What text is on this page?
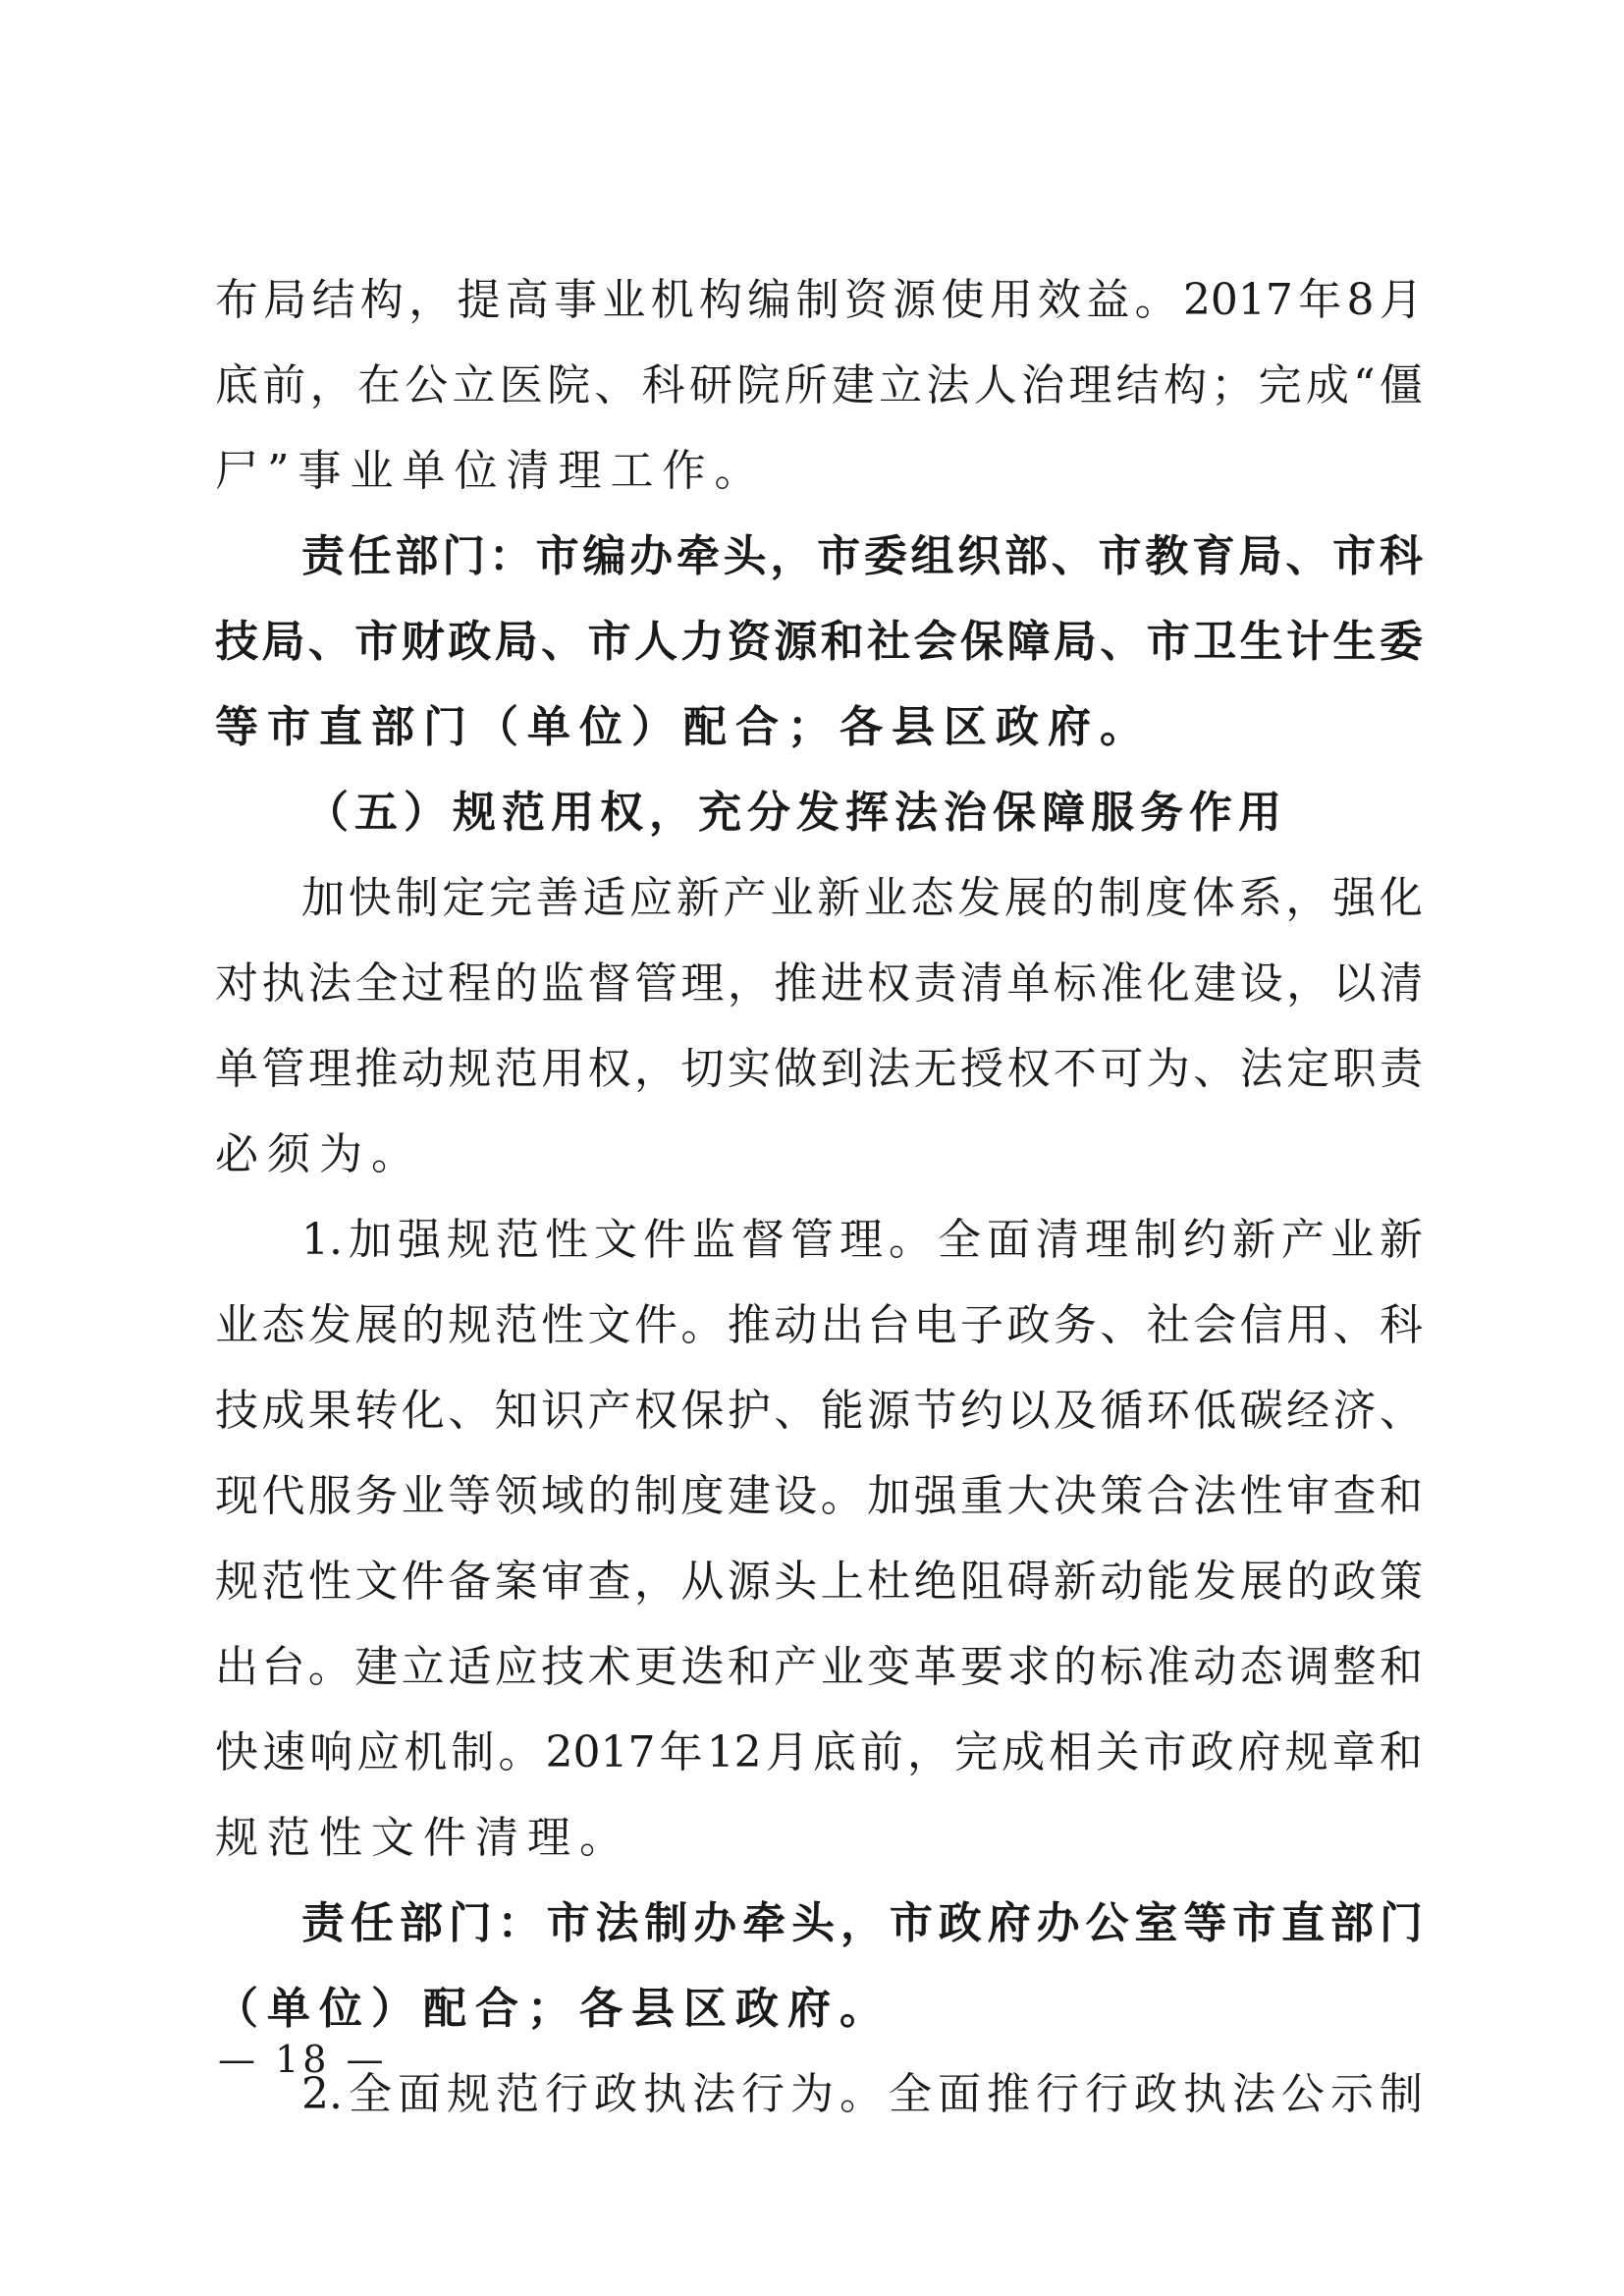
布 局 结 构 ， 提 高 事 业 机 构 编 制 资 源 使 用 效 益 。 2017 年 8 月
底 前 ， 在 公 立 医 院 、 科 研 院 所 建 立 法 人 治 理 结 构 ； 完 成 “ 僵
尸”事业单位清理工作。
责 任 部 门 ： 市 编 办 牵 头 ， 市 委 组 织 部 、 市 教 育 局 、 市 科
技 局 、 市 财 政 局 、 市 人 力 资 源 和 社 会 保 障 局 、 市 卫 生 计 生 委
等市直部门（单位）配合；各县区政府。
（五）规范用权，充分发挥法治保障服务作用
加 快 制 定 完 善 适 应 新 产 业 新 业 态 发 展 的 制 度 体 系 ， 强 化
对 执 法 全 过 程 的 监 督 管 理 ， 推 进 权 责 清 单 标 准 化 建 设 ， 以 清
单 管 理 推 动 规 范 用 权 ， 切 实 做 到 法 无 授 权 不 可 为 、 法 定 职 责
必须为。
1. 加 强 规 范 性 文 件 监 督 管 理 。 全 面 清 理 制 约 新 产 业 新
业 态 发 展 的 规 范 性 文 件 。 推 动 出 台 电 子 政 务 、 社 会 信 用 、 科
技 成 果 转 化 、 知 识 产 权 保 护 、 能 源 节 约 以 及 循 环 低 碳 经 济 、
现 代 服 务 业 等 领 域 的 制 度 建 设 。 加 强 重 大 决 策 合 法 性 审 查 和
规 范 性 文 件 备 案 审 查 ， 从 源 头 上 杜 绝 阻 碍 新 动 能 发 展 的 政 策
出 台 。 建 立 适 应 技 术 更 迭 和 产 业 变 革 要 求 的 标 准 动 态 调 整 和
快 速 响 应 机 制 。 2017 年 12 月 底 前 ， 完 成 相 关 市 政 府 规 章 和
规范性文件清理。
责 任 部 门 ： 市 法 制 办 牵 头 ， 市 政 府 办 公 室 等 市 直 部 门
（单位）配合；各县区政府。
2. 全 面 规 范 行 政 执 法 行 为 。 全 面 推 行 行 政 执 法 公 示 制
— 18 —
